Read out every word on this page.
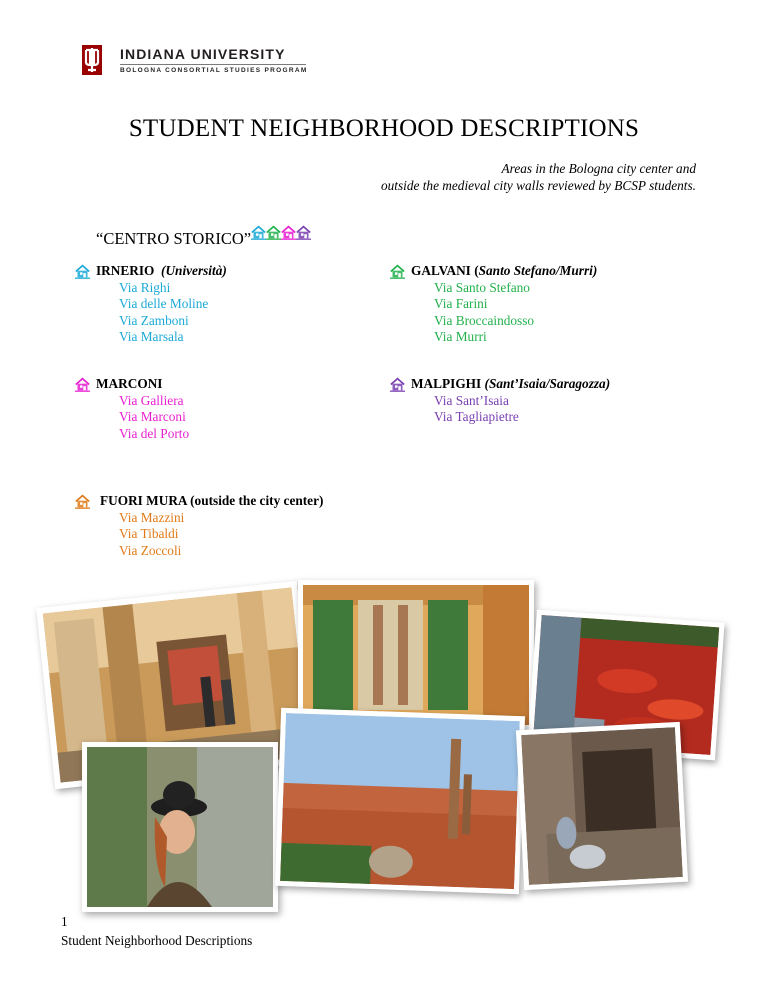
INDIANA UNIVERSITY
BOLOGNA CONSORTIAL STUDIES PROGRAM
STUDENT NEIGHBORHOOD DESCRIPTIONS
Areas in the Bologna city center and
outside the medieval city walls reviewed by BCSP students.
“CENTRO STORICO”
IRNERIO (Università)
Via Righi
Via delle Moline
Via Zamboni
Via Marsala
GALVANI (Santo Stefano/Murri)
Via Santo Stefano
Via Farini
Via Broccaindosso
Via Murri
MARCONI
Via Galliera
Via Marconi
Via del Porto
MALPIGHI (Sant’Isaia/Saragozza)
Via Sant’Isaia
Via Tagliapietre
FUORI MURA (outside the city center)
Via Mazzini
Via Tibaldi
Via Zoccoli
1
Student Neighborhood Descriptions
